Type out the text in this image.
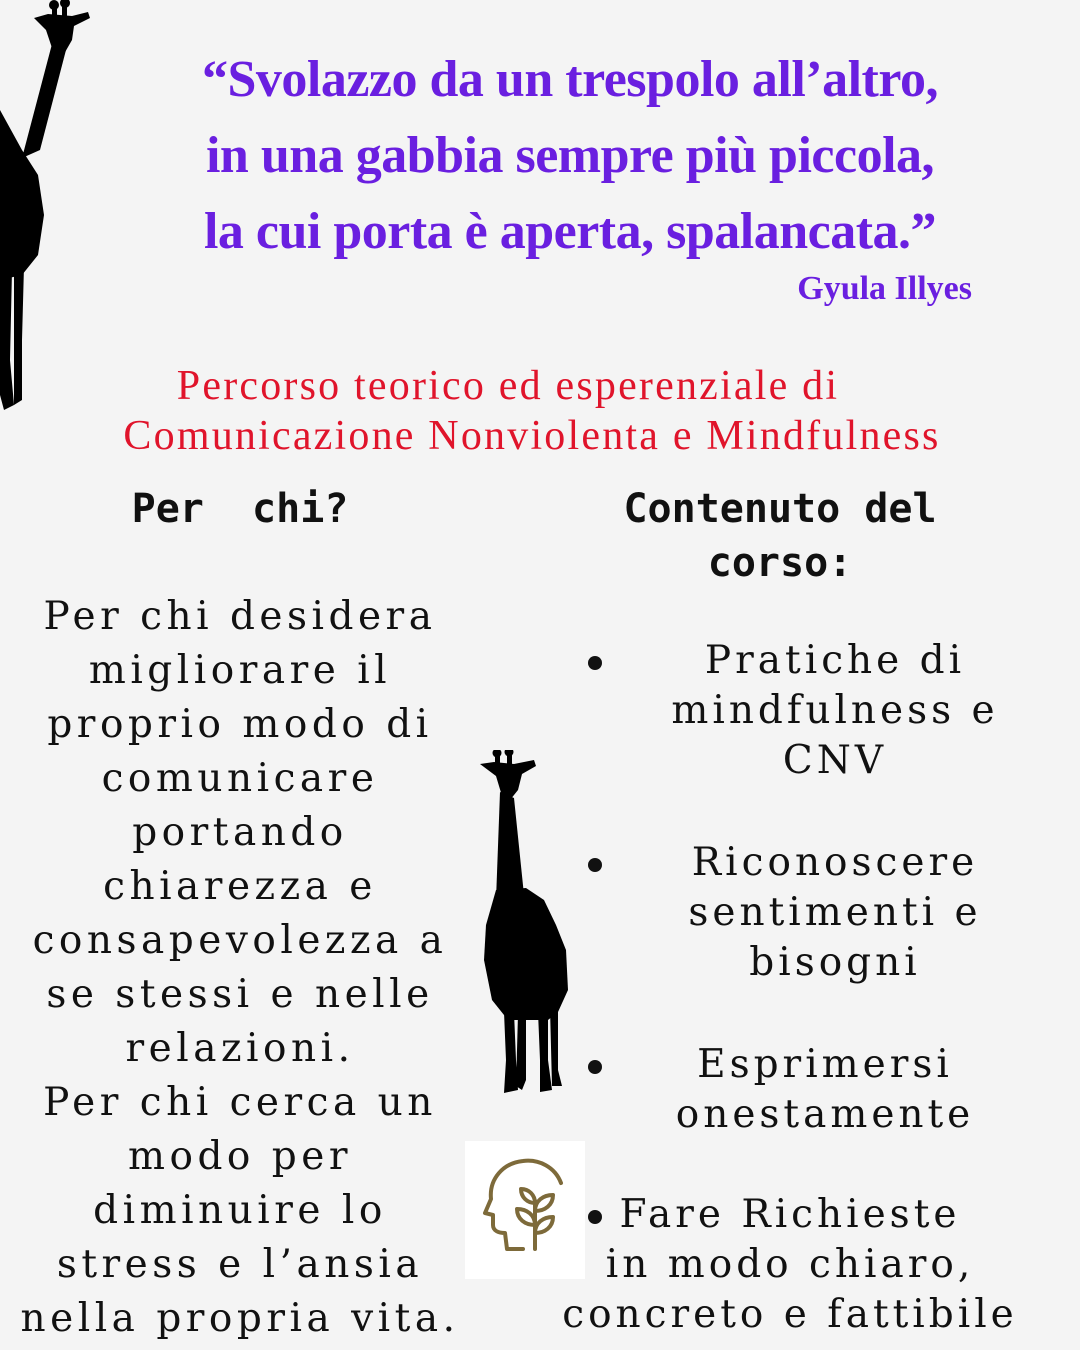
“Svolazzo da un trespolo all’altro,
in una gabbia sempre più piccola,
la cui porta è aperta, spalancata.”
Gyula Illyes
Percorso teorico ed esperenziale di
Comunicazione Nonviolenta e Mindfulness
Per  chi?
Per chi desidera
migliorare il
proprio modo di
comunicare
portando
chiarezza e
consapevolezza a
se stessi e nelle
relazioni.
Per chi cerca un
modo per
diminuire lo
stress e l’ansia
nella propria vita.
Contenuto del
corso:
Pratiche di
mindfulness e
CNV
Riconoscere
sentimenti e
bisogni
Esprimersi
onestamente
Fare Richieste
in modo chiaro,
concreto e fattibile
